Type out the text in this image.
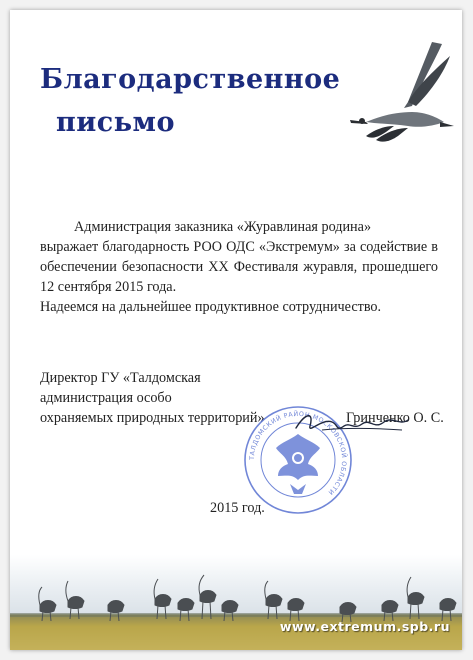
Благодарственное
письмо

Администрация заказника «Журавлиная родина»

выражает благодарность РОО ОДС «Экстремум» за содействие в обеспечении безопасности XX Фестиваля журавля, прошедшего 12 сентября 2015 года.

Надеемся на дальнейшее продуктивное сотрудничество.

Директор ГУ «Талдомская
администрация особо
охраняемых природных территорий»	Гринченко О. С.
ТАЛДОМСКИЙ РАЙОН МОСКОВСКОЙ ОБЛАСТИ
2015 год.
www.extremum.spb.ru
